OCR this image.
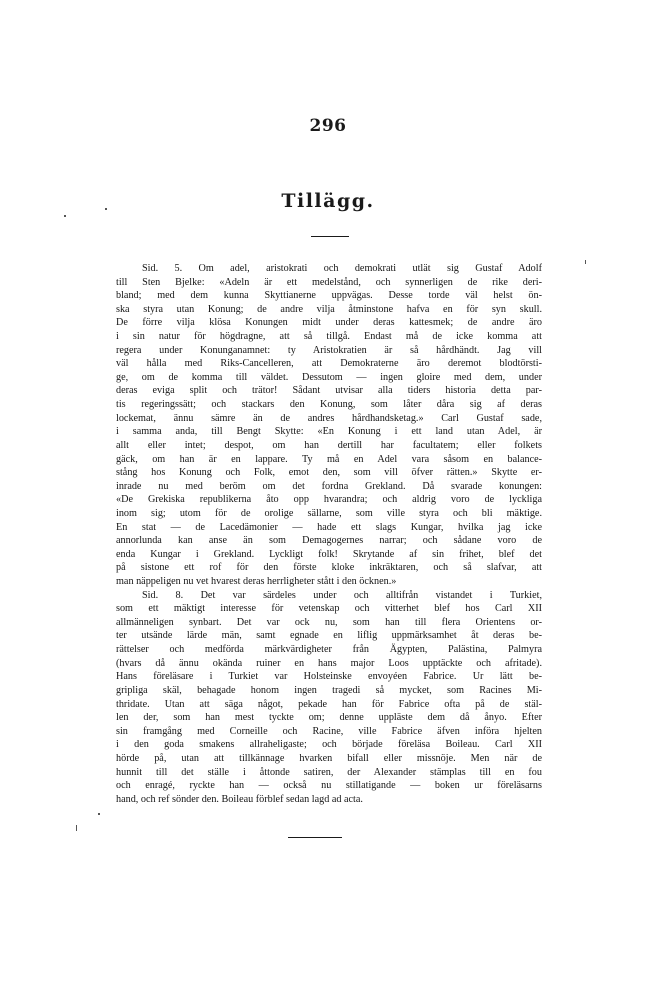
296
Tillägg.
Sid. 5. Om adel, aristokrati och demokrati utlät sig Gustaf Adolf
till Sten Bjelke: «Adeln är ett medelstånd, och synnerligen de rike deri-
bland; med dem kunna Skyttianerne uppvägas. Desse torde väl helst ön-
ska styra utan Konung; de andre vilja åtminstone hafva en för syn skull.
De förre vilja klösa Konungen midt under deras kattesmek; de andre äro
i sin natur för högdragne, att så tillgå. Endast må de icke komma att
regera under Konunganamnet: ty Aristokratien är så hårdhändt. Jag vill
väl hålla med Riks-Cancelleren, att Demokraterne äro deremot blodtörsti-
ge, om de komma till väldet. Dessutom — ingen gloire med dem, under
deras eviga split och trätor! Sådant utvisar alla tiders historia detta par-
tis regeringssätt; och stackars den Konung, som låter dåra sig af deras
lockemat, ännu sämre än de andres hårdhandsketag.» Carl Gustaf sade,
i samma anda, till Bengt Skytte: «En Konung i ett land utan Adel, är
allt eller intet; despot, om han dertill har facultatem; eller folkets
gäck, om han är en lappare. Ty må en Adel vara såsom en balance-
stång hos Konung och Folk, emot den, som vill öfver rätten.» Skytte er-
inrade nu med beröm om det fordna Grekland. Då svarade konungen:
«De Grekiska republikerna åto opp hvarandra; och aldrig voro de lyckliga
inom sig; utom för de orolige sällarne, som ville styra och bli mäktige.
En stat — de Lacedämonier — hade ett slags Kungar, hvilka jag icke
annorlunda kan anse än som Demagogernes narrar; och sådane voro de
enda Kungar i Grekland. Lyckligt folk! Skrytande af sin frihet, blef det
på sistone ett rof för den förste kloke inkräktaren, och så slafvar, att
man näppeligen nu vet hvarest deras herrligheter stått i den öcknen.»
Sid. 8. Det var särdeles under och alltifrån vistandet i Turkiet,
som ett mäktigt interesse för vetenskap och vitterhet blef hos Carl XII
allmänneligen synbart. Det var ock nu, som han till flera Orientens or-
ter utsände lärde män, samt egnade en liflig uppmärksamhet åt deras be-
rättelser och medförda märkvärdigheter från Ägypten, Palästina, Palmyra
(hvars då ännu okända ruiner en hans major Loos upptäckte och afritade).
Hans föreläsare i Turkiet var Holsteinske envoyéen Fabrice. Ur lätt be-
gripliga skäl, behagade honom ingen tragedi så mycket, som Racines Mi-
thridate. Utan att säga något, pekade han för Fabrice ofta på de stäl-
len der, som han mest tyckte om; denne uppläste dem då ånyo. Efter
sin framgång med Corneille och Racine, ville Fabrice äfven införa hjelten
i den goda smakens allraheligaste; och började föreläsa Boileau. Carl XII
hörde på, utan att tillkännage hvarken bifall eller missnöje. Men när de
hunnit till det ställe i åttonde satiren, der Alexander stämplas till en fou
och enragé, ryckte han — också nu stillatigande — boken ur föreläsarns
hand, och ref sönder den. Boileau förblef sedan lagd ad acta.
